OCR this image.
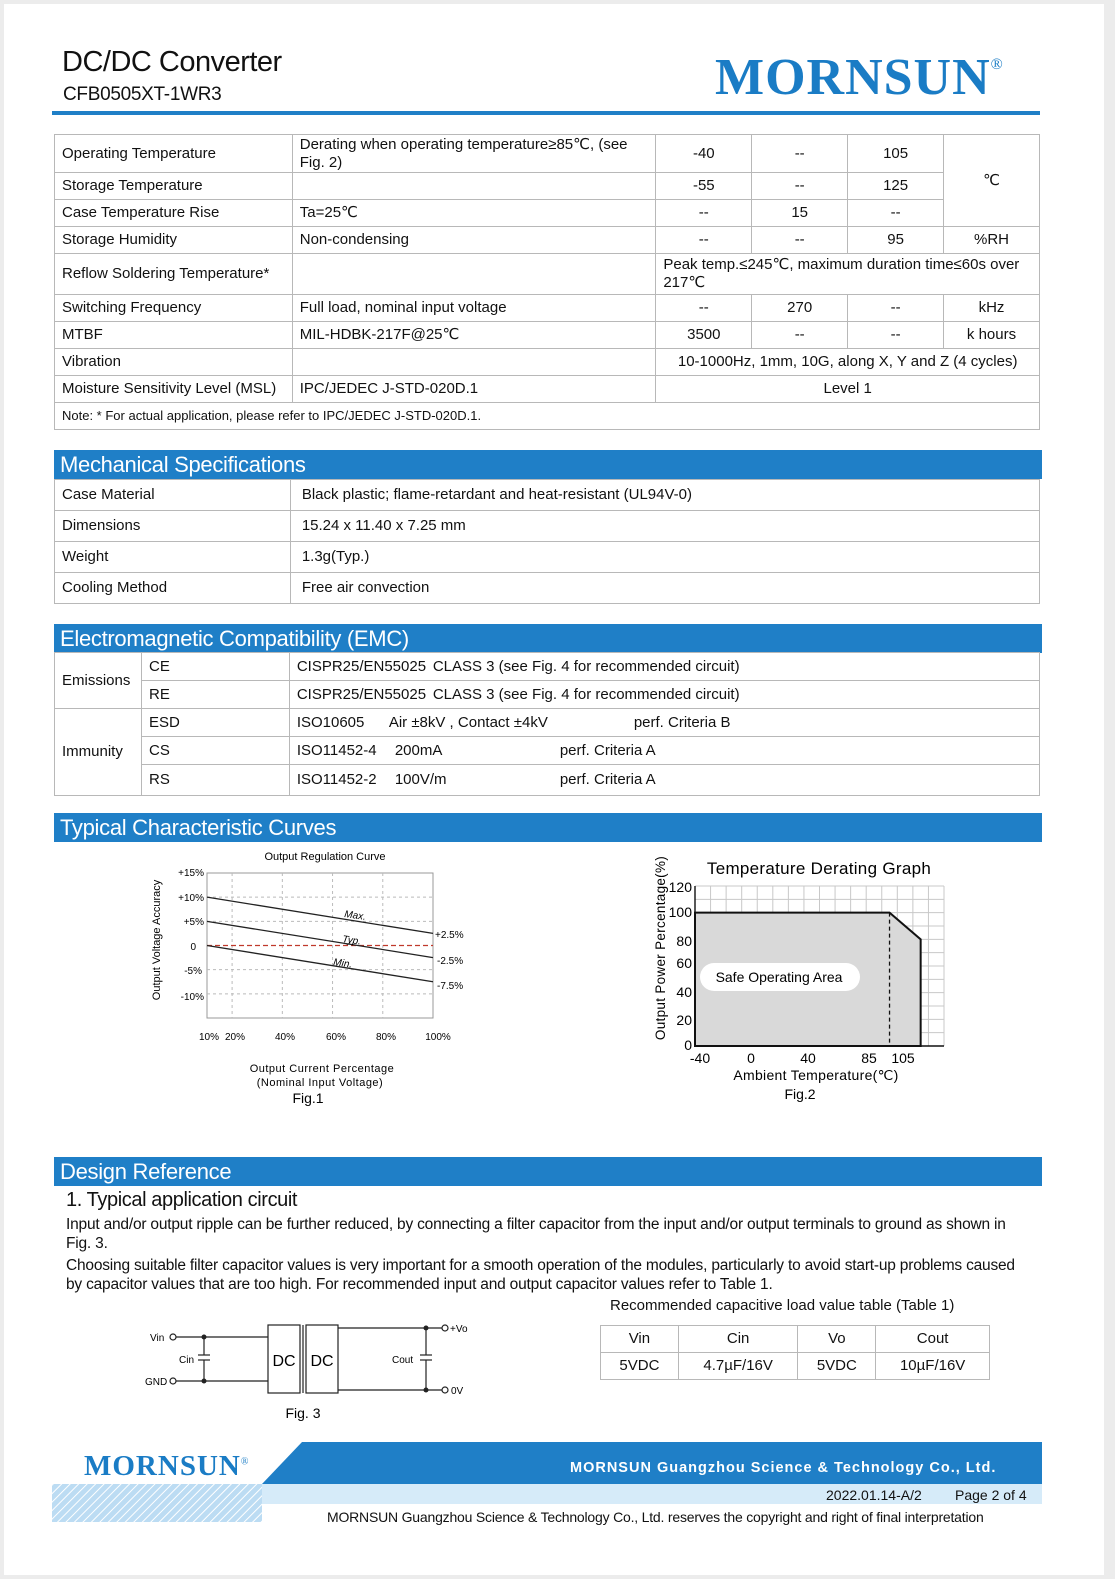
DC/DC Converter
CFB0505XT-1WR3	MORNSUN®
Operating Temperature	Derating when operating temperature≥85℃, (see Fig. 2)	-40	--	105	℃
Storage Temperature		-55	--	125	
Case Temperature Rise	Ta=25℃	--	15	--	
Storage Humidity	Non-condensing	--	--	95	%RH
Reflow Soldering Temperature*		Peak temp.≤245℃, maximum duration time≤60s over 217℃			
Switching Frequency	Full load, nominal input voltage	--	270	--	kHz
MTBF	MIL-HDBK-217F@25℃	3500	--	--	k hours
Vibration		10-1000Hz, 1mm, 10G, along X, Y and Z (4 cycles)			
Moisture Sensitivity Level (MSL)	IPC/JEDEC J-STD-020D.1	Level 1			
Note: * For actual application, please refer to IPC/JEDEC J-STD-020D.1.					
Mechanical Specifications
Case Material	Black plastic; flame-retardant and heat-resistant (UL94V-0)
Dimensions	15.24 x 11.40 x 7.25 mm
Weight	1.3g(Typ.)
Cooling Method	Free air convection
Electromagnetic Compatibility (EMC)
Emissions	CE	CISPR25/EN55025 CLASS 3 (see Fig. 4 for recommended circuit)
	RE	CISPR25/EN55025 CLASS 3 (see Fig. 4 for recommended circuit)
Immunity	ESD	ISO10605 Air ±8kV , Contact ±4kV perf. Criteria B
	CS	ISO11452-4 200mA perf. Criteria A
	RS	ISO11452-2 100V/m perf. Criteria A
Typical Characteristic Curves
Output Regulation Curve
Output Voltage Accuracy
+15%
+10%
+5%
0
-5%
-10%
10% 20%	40%	60%	80%	100%
Max.
Typ.
Min.
+2.5%
-2.5%
-7.5%
Output Current Percentage
(Nominal Input Voltage)
Fig.1
Temperature Derating Graph
Output Power Percentage(%)	Safe Operating Area
0
20
40
60
80
100
120
-40	0	40	85 105
Ambient Temperature(℃)
Fig.2
Design Reference
1. Typical application circuit
Input and/or output ripple can be further reduced, by connecting a filter capacitor from the input and/or output terminals to ground as shown in Fig. 3.
Choosing suitable filter capacitor values is very important for a smooth operation of the modules, particularly to avoid start-up problems caused by capacitor values that are too high. For recommended input and output capacitor values refer to Table 1.
Recommended capacitive load value table (Table 1)
Vin	Cin	Vo	Cout
5VDC	4.7µF/16V	5VDC	10µF/16V
Vin
GND
Cin	Cout
+Vo
0V
DC DC
Fig. 3
MORNSUN®	MORNSUN Guangzhou Science & Technology Co., Ltd.
2022.01.14-A/2 Page 2 of 4
MORNSUN Guangzhou Science & Technology Co., Ltd. reserves the copyright and right of final interpretation
